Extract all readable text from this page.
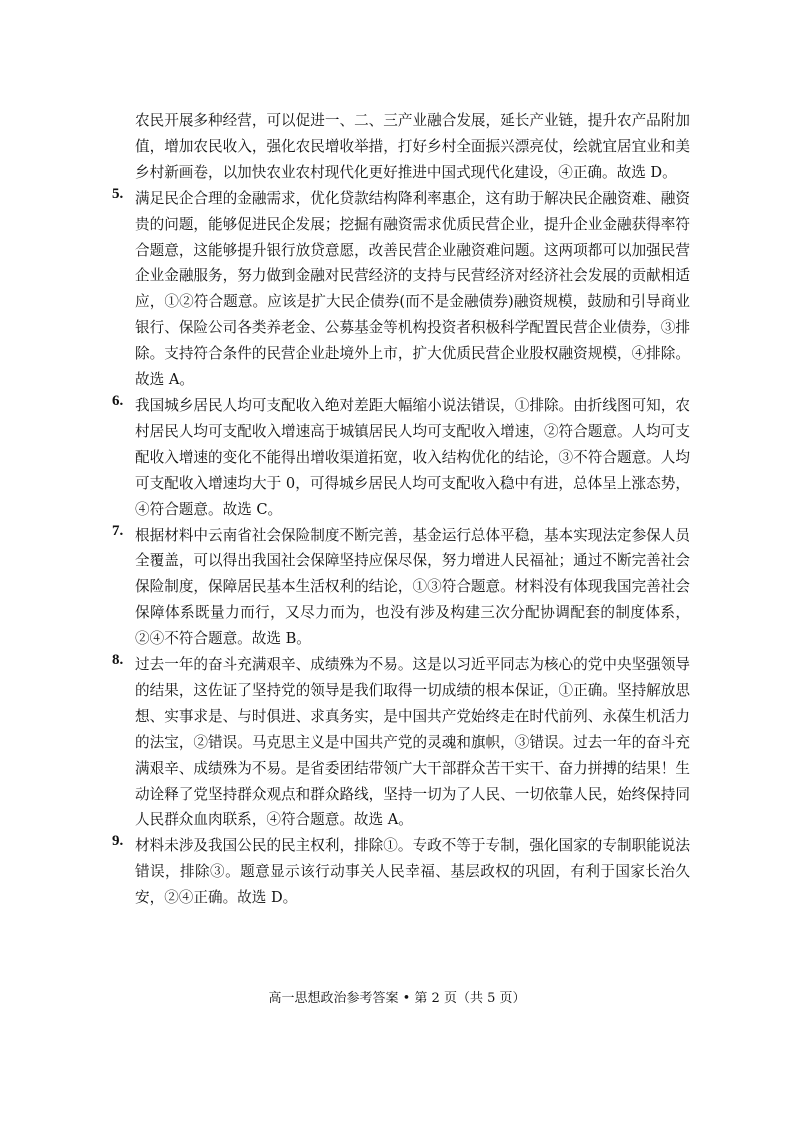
农民开展多种经营，可以促进一、二、三产业融合发展，延长产业链，提升农产品附加值，增加农民收入，强化农民增收举措，打好乡村全面振兴漂亮仗，绘就宜居宜业和美乡村新画卷，以加快农业农村现代化更好推进中国式现代化建设，④正确。故选 D。

5. 满足民企合理的金融需求，优化贷款结构降利率惠企，这有助于解决民企融资难、融资贵的问题，能够促进民企发展；挖掘有融资需求优质民营企业，提升企业金融获得率符合题意，这能够提升银行放贷意愿，改善民营企业融资难问题。这两项都可以加强民营企业金融服务，努力做到金融对民营经济的支持与民营经济对经济社会发展的贡献相适应，①②符合题意。应该是扩大民企债券(而不是金融债券)融资规模，鼓励和引导商业银行、保险公司各类养老金、公募基金等机构投资者积极科学配置民营企业债券，③排除。支持符合条件的民营企业赴境外上市，扩大优质民营企业股权融资规模，④排除。故选 A。

6. 我国城乡居民人均可支配收入绝对差距大幅缩小说法错误，①排除。由折线图可知，农村居民人均可支配收入增速高于城镇居民人均可支配收入增速，②符合题意。人均可支配收入增速的变化不能得出增收渠道拓宽，收入结构优化的结论，③不符合题意。人均可支配收入增速均大于 0，可得城乡居民人均可支配收入稳中有进，总体呈上涨态势，④符合题意。故选 C。

7. 根据材料中云南省社会保险制度不断完善，基金运行总体平稳，基本实现法定参保人员全覆盖，可以得出我国社会保障坚持应保尽保，努力增进人民福祉；通过不断完善社会保险制度，保障居民基本生活权利的结论，①③符合题意。材料没有体现我国完善社会保障体系既量力而行，又尽力而为，也没有涉及构建三次分配协调配套的制度体系，②④不符合题意。故选 B。

8. 过去一年的奋斗充满艰辛、成绩殊为不易。这是以习近平同志为核心的党中央坚强领导的结果，这佐证了坚持党的领导是我们取得一切成绩的根本保证，①正确。坚持解放思想、实事求是、与时俱进、求真务实，是中国共产党始终走在时代前列、永葆生机活力的法宝，②错误。马克思主义是中国共产党的灵魂和旗帜，③错误。过去一年的奋斗充满艰辛、成绩殊为不易。是省委团结带领广大干部群众苦干实干、奋力拼搏的结果！生动诠释了党坚持群众观点和群众路线，坚持一切为了人民、一切依靠人民，始终保持同人民群众血肉联系，④符合题意。故选 A。

9. 材料未涉及我国公民的民主权利，排除①。专政不等于专制，强化国家的专制职能说法错误，排除③。题意显示该行动事关人民幸福、基层政权的巩固，有利于国家长治久安，②④正确。故选 D。

高一思想政治参考答案 • 第 2 页（共 5 页）
